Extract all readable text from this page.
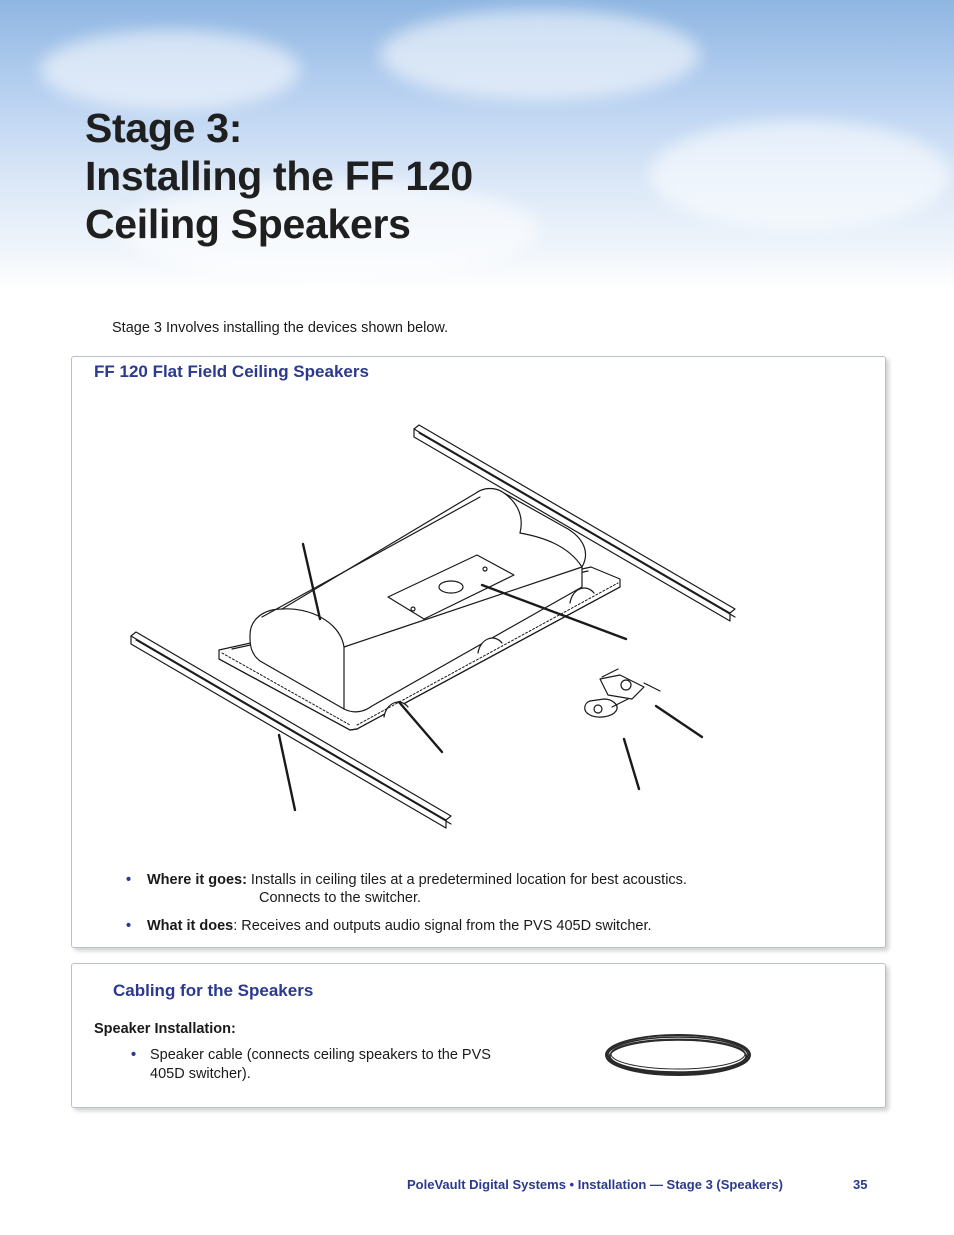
Stage 3:
Installing the FF 120
Ceiling Speakers
Stage 3 Involves installing the devices shown below.
FF 120 Flat Field Ceiling Speakers
• Where it goes: Installs in ceiling tiles at a predetermined location for best acoustics.
Connects to the switcher.
• What it does: Receives and outputs audio signal from the PVS 405D switcher.
Cabling for the Speakers
Speaker Installation:
• Speaker cable (connects ceiling speakers to the PVS 405D switcher).
PoleVault Digital Systems • Installation — Stage 3 (Speakers)	35
